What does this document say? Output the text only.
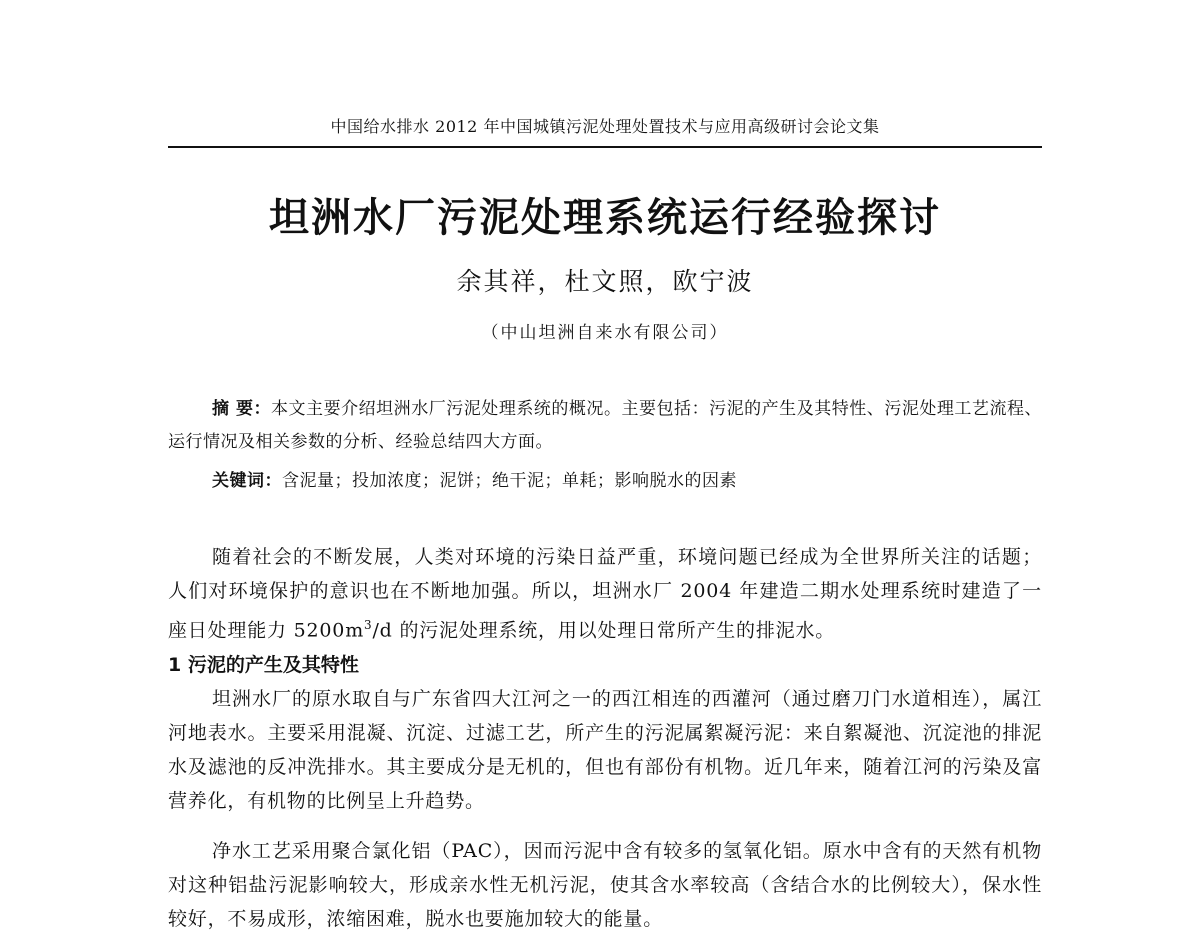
中国给水排水 2012 年中国城镇污泥处理处置技术与应用高级研讨会论文集
坦洲水厂污泥处理系统运行经验探讨
余其祥，杜文照，欧宁波
（中山坦洲自来水有限公司）
摘 要：本文主要介绍坦洲水厂污泥处理系统的概况。主要包括：污泥的产生及其特性、污泥处理工艺流程、运行情况及相关参数的分析、经验总结四大方面。
关键词：含泥量；投加浓度；泥饼；绝干泥；单耗；影响脱水的因素
随着社会的不断发展，人类对环境的污染日益严重，环境问题已经成为全世界所关注的话题；人们对环境保护的意识也在不断地加强。所以，坦洲水厂 2004 年建造二期水处理系统时建造了一座日处理能力 $5200m^3/d$ 的污泥处理系统，用以处理日常所产生的排泥水。
1 污泥的产生及其特性
坦洲水厂的原水取自与广东省四大江河之一的西江相连的西灌河（通过磨刀门水道相连），属江河地表水。主要采用混凝、沉淀、过滤工艺，所产生的污泥属絮凝污泥：来自絮凝池、沉淀池的排泥水及滤池的反冲洗排水。其主要成分是无机的，但也有部份有机物。近几年来，随着江河的污染及富营养化，有机物的比例呈上升趋势。
净水工艺采用聚合氯化铝（PAC），因而污泥中含有较多的氢氧化铝。原水中含有的天然有机物对这种铝盐污泥影响较大，形成亲水性无机污泥，使其含水率较高（含结合水的比例较大），保水性较好，不易成形，浓缩困难，脱水也要施加较大的能量。
